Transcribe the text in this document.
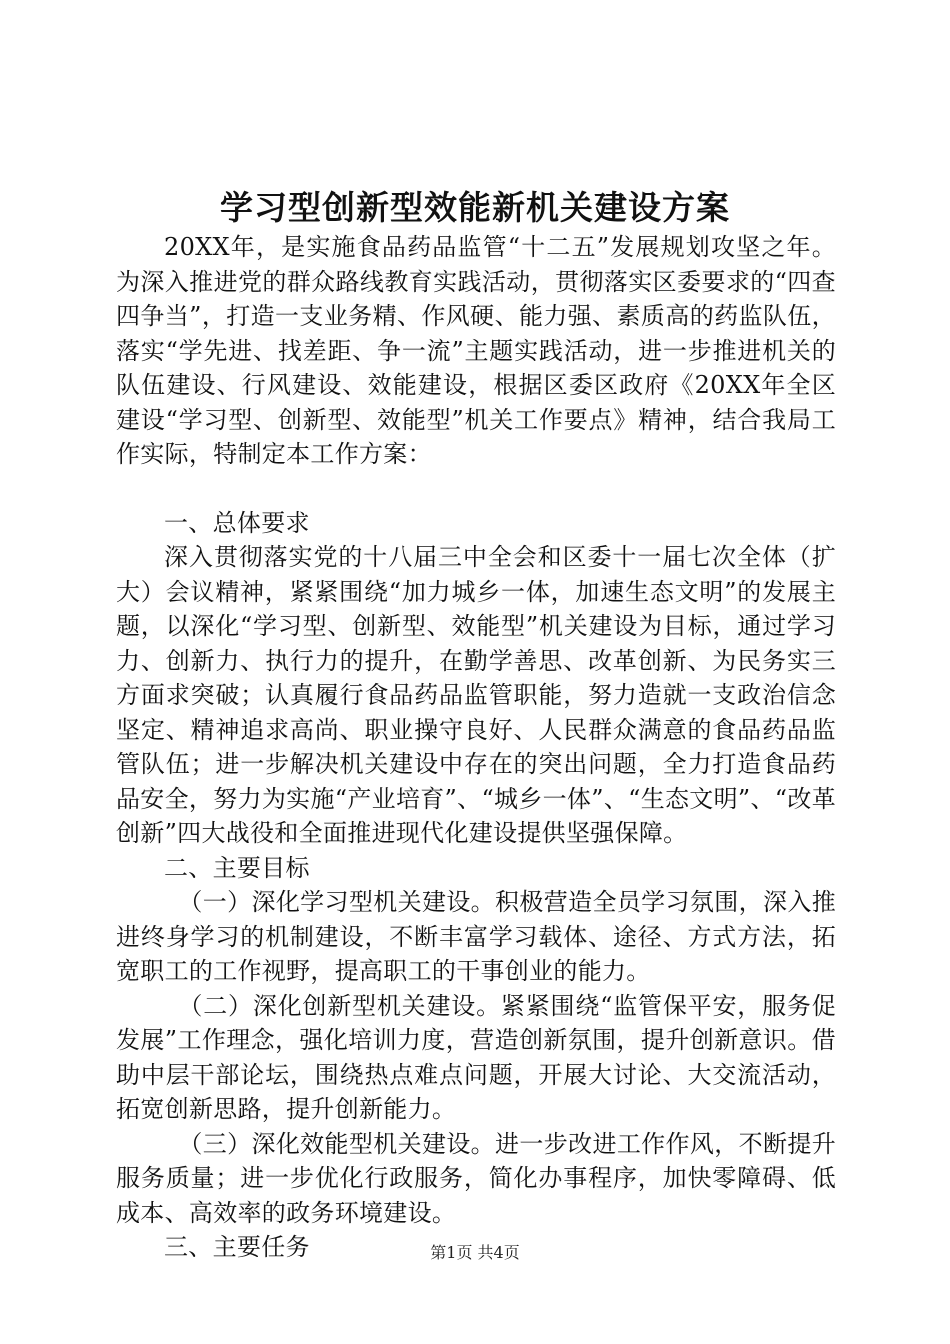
学习型创新型效能新机关建设方案

20XX年，是实施食品药品监管“十二五”发展规划攻坚之年。为深入推进党的群众路线教育实践活动，贯彻落实区委要求的“四查四争当”，打造一支业务精、作风硬、能力强、素质高的药监队伍，落实“学先进、找差距、争一流”主题实践活动，进一步推进机关的队伍建设、行风建设、效能建设，根据区委区政府《20XX年全区建设“学习型、创新型、效能型”机关工作要点》精神，结合我局工作实际，特制定本工作方案：

一、总体要求

深入贯彻落实党的十八届三中全会和区委十一届七次全体（扩大）会议精神，紧紧围绕“加力城乡一体，加速生态文明”的发展主题，以深化“学习型、创新型、效能型”机关建设为目标，通过学习力、创新力、执行力的提升，在勤学善思、改革创新、为民务实三方面求突破；认真履行食品药品监管职能，努力造就一支政治信念坚定、精神追求高尚、职业操守良好、人民群众满意的食品药品监管队伍；进一步解决机关建设中存在的突出问题，全力打造食品药品安全，努力为实施“产业培育”、“城乡一体”、“生态文明”、“改革创新”四大战役和全面推进现代化建设提供坚强保障。

二、主要目标

（一）深化学习型机关建设。积极营造全员学习氛围，深入推进终身学习的机制建设，不断丰富学习载体、途径、方式方法，拓宽职工的工作视野，提高职工的干事创业的能力。

（二）深化创新型机关建设。紧紧围绕“监管保平安，服务促发展”工作理念，强化培训力度，营造创新氛围，提升创新意识。借助中层干部论坛，围绕热点难点问题，开展大讨论、大交流活动，拓宽创新思路，提升创新能力。

（三）深化效能型机关建设。进一步改进工作作风，不断提升服务质量；进一步优化行政服务，简化办事程序，加快零障碍、低成本、高效率的政务环境建设。

三、主要任务	第1页 共4页
